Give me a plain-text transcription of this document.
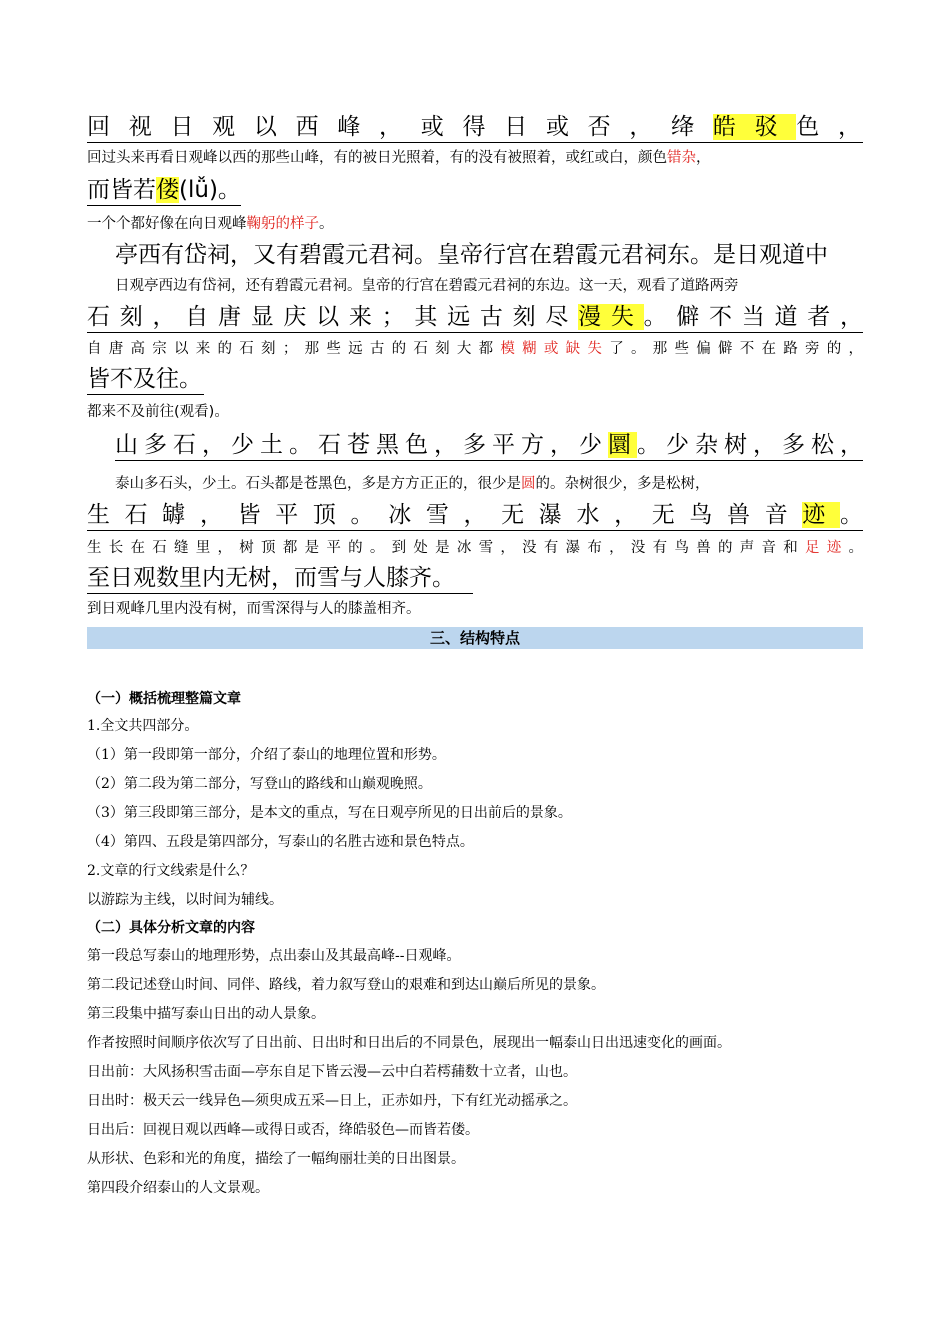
回视日观以西峰，或得日或否，绛皓驳色，
回过头来再看日观峰以西的那些山峰，有的被日光照着，有的没有被照着，或红或白，颜色错杂，
而皆若偻(lǚ)。
一个个都好像在向日观峰鞠躬的样子。
亭西有岱祠，又有碧霞元君祠。皇帝行宫在碧霞元君祠东。是日观道中
日观亭西边有岱祠，还有碧霞元君祠。皇帝的行宫在碧霞元君祠的东边。这一天，观看了道路两旁
石刻，自唐显庆以来；其远古刻尽漫失。僻不当道者，
自唐高宗以来的石刻；那些远古的石刻大都模糊或缺失了。那些偏僻不在路旁的，
皆不及往。
都来不及前往(观看)。
山多石，少土。石苍黑色，多平方，少圜。少杂树，多松，
泰山多石头，少土。石头都是苍黑色，多是方方正正的，很少是圆的。杂树很少，多是松树，
生石罅，皆平顶。冰雪，无瀑水，无鸟兽音迹。
生长在石缝里，树顶都是平的。到处是冰雪，没有瀑布，没有鸟兽的声音和足迹。
至日观数里内无树，而雪与人膝齐。
到日观峰几里内没有树，而雪深得与人的膝盖相齐。
三、结构特点
（一）概括梳理整篇文章
1.全文共四部分。
（1）第一段即第一部分，介绍了泰山的地理位置和形势。
（2）第二段为第二部分，写登山的路线和山巅观晚照。
（3）第三段即第三部分，是本文的重点，写在日观亭所见的日出前后的景象。
（4）第四、五段是第四部分，写泰山的名胜古迹和景色特点。
2.文章的行文线索是什么？
以游踪为主线，以时间为辅线。
（二）具体分析文章的内容
第一段总写泰山的地理形势，点出泰山及其最高峰--日观峰。
第二段记述登山时间、同伴、路线，着力叙写登山的艰难和到达山巅后所见的景象。
第三段集中描写泰山日出的动人景象。
作者按照时间顺序依次写了日出前、日出时和日出后的不同景色，展现出一幅泰山日出迅速变化的画面。
日出前：大风扬积雪击面—亭东自足下皆云漫—云中白若樗蒱数十立者，山也。
日出时：极天云一线异色—须臾成五采—日上，正赤如丹，下有红光动摇承之。
日出后：回视日观以西峰—或得日或否，绛皓驳色—而皆若偻。
从形状、色彩和光的角度，描绘了一幅绚丽壮美的日出图景。
第四段介绍泰山的人文景观。
